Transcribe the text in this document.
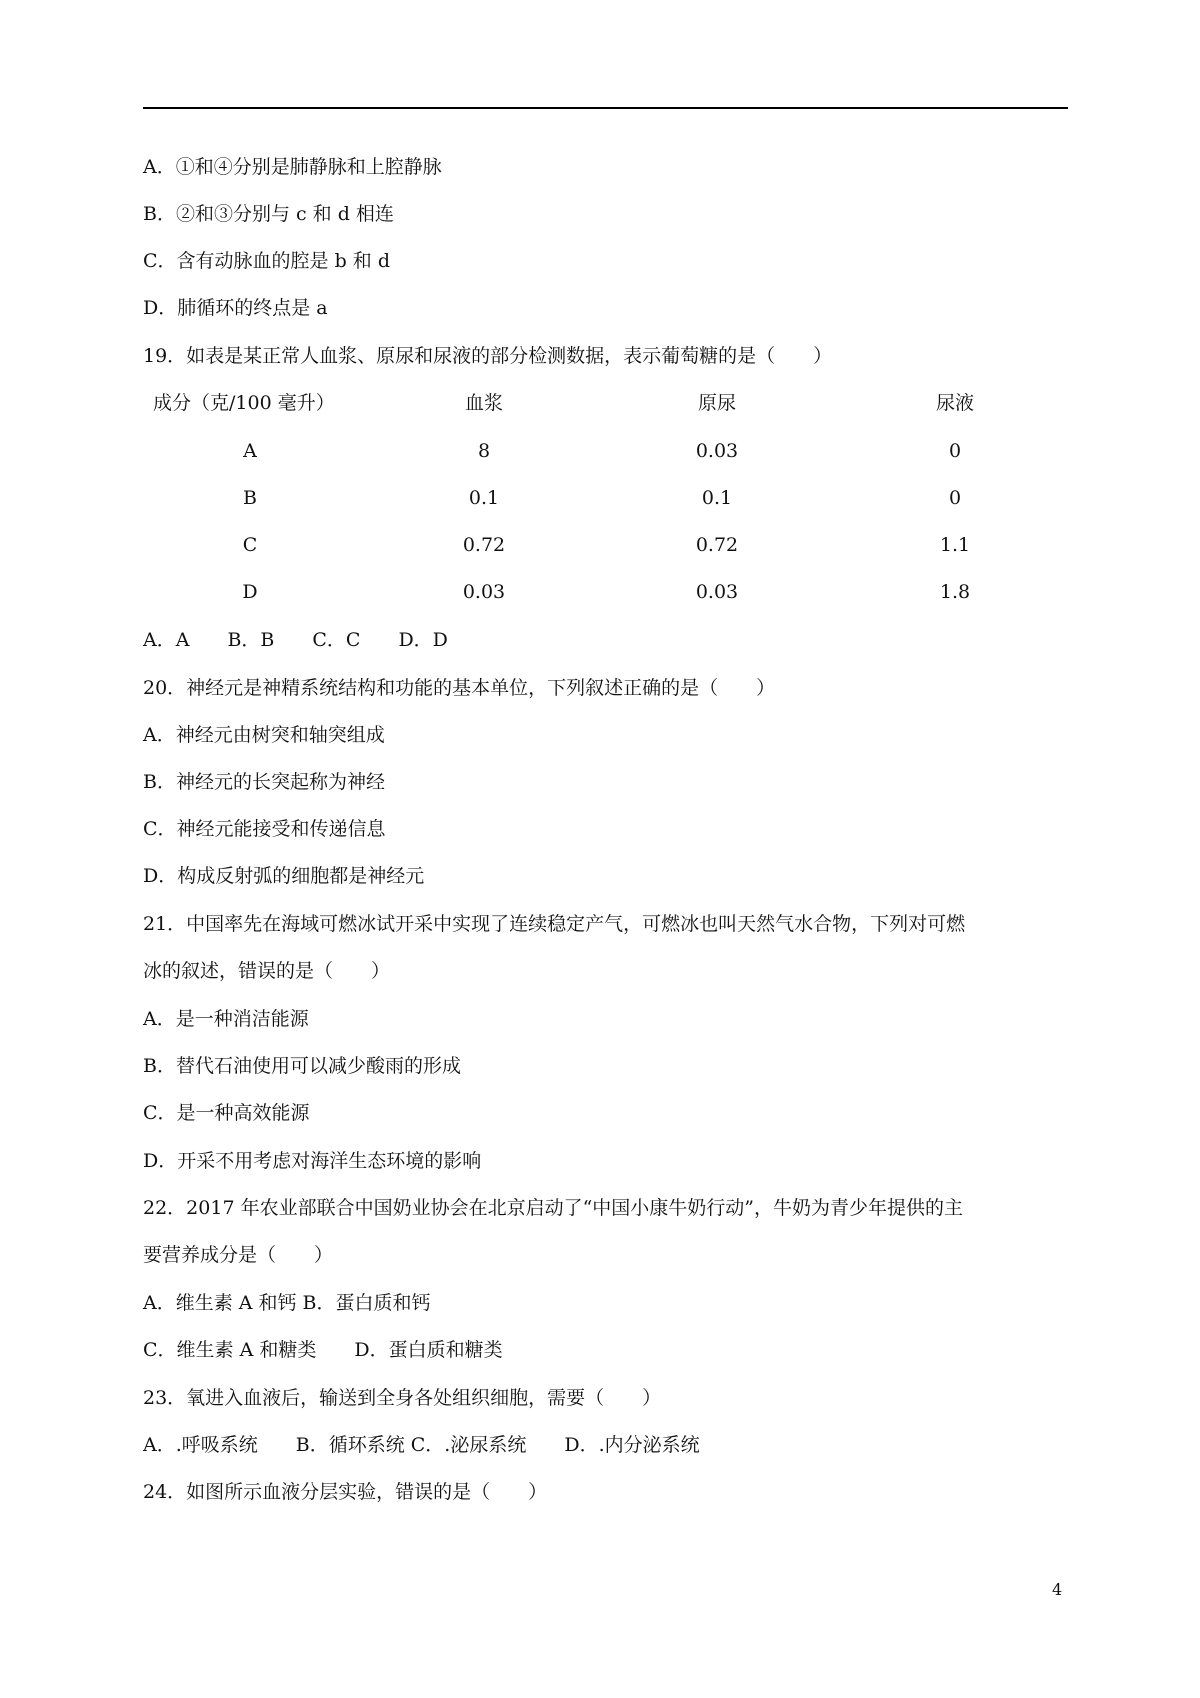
A．①和④分别是肺静脉和上腔静脉
B．②和③分别与 c 和 d 相连
C．含有动脉血的腔是 b 和 d
D．肺循环的终点是 a
19．如表是某正常人血浆、原尿和尿液的部分检测数据，表示葡萄糖的是（　　）
成分（克/100 毫升）	血浆	原尿	尿液
A	8	0.03	0
B	0.1	0.1	0
C	0.72	0.72	1.1
D	0.03	0.03	1.8
A．A　　B．B　　C．C　　D．D
20．神经元是神精系统结构和功能的基本单位，下列叙述正确的是（　　）
A．神经元由树突和轴突组成
B．神经元的长突起称为神经
C．神经元能接受和传递信息
D．构成反射弧的细胞都是神经元
21．中国率先在海域可燃冰试开采中实现了连续稳定产气，可燃冰也叫天然气水合物，下列对可燃
冰的叙述，错误的是（　　）
A．是一种消洁能源
B．替代石油使用可以减少酸雨的形成
C．是一种高效能源
D．开采不用考虑对海洋生态环境的影响
22．2017 年农业部联合中国奶业协会在北京启动了“中国小康牛奶行动”，牛奶为青少年提供的主
要营养成分是（　　）
A．维生素 A 和钙 B．蛋白质和钙
C．维生素 A 和糖类　　D．蛋白质和糖类
23．氧进入血液后，输送到全身各处组织细胞，需要（　　）
A．.呼吸系统　　B．循环系统 C．.泌尿系统　　D．.内分泌系统
24．如图所示血液分层实验，错误的是（　　）
4
